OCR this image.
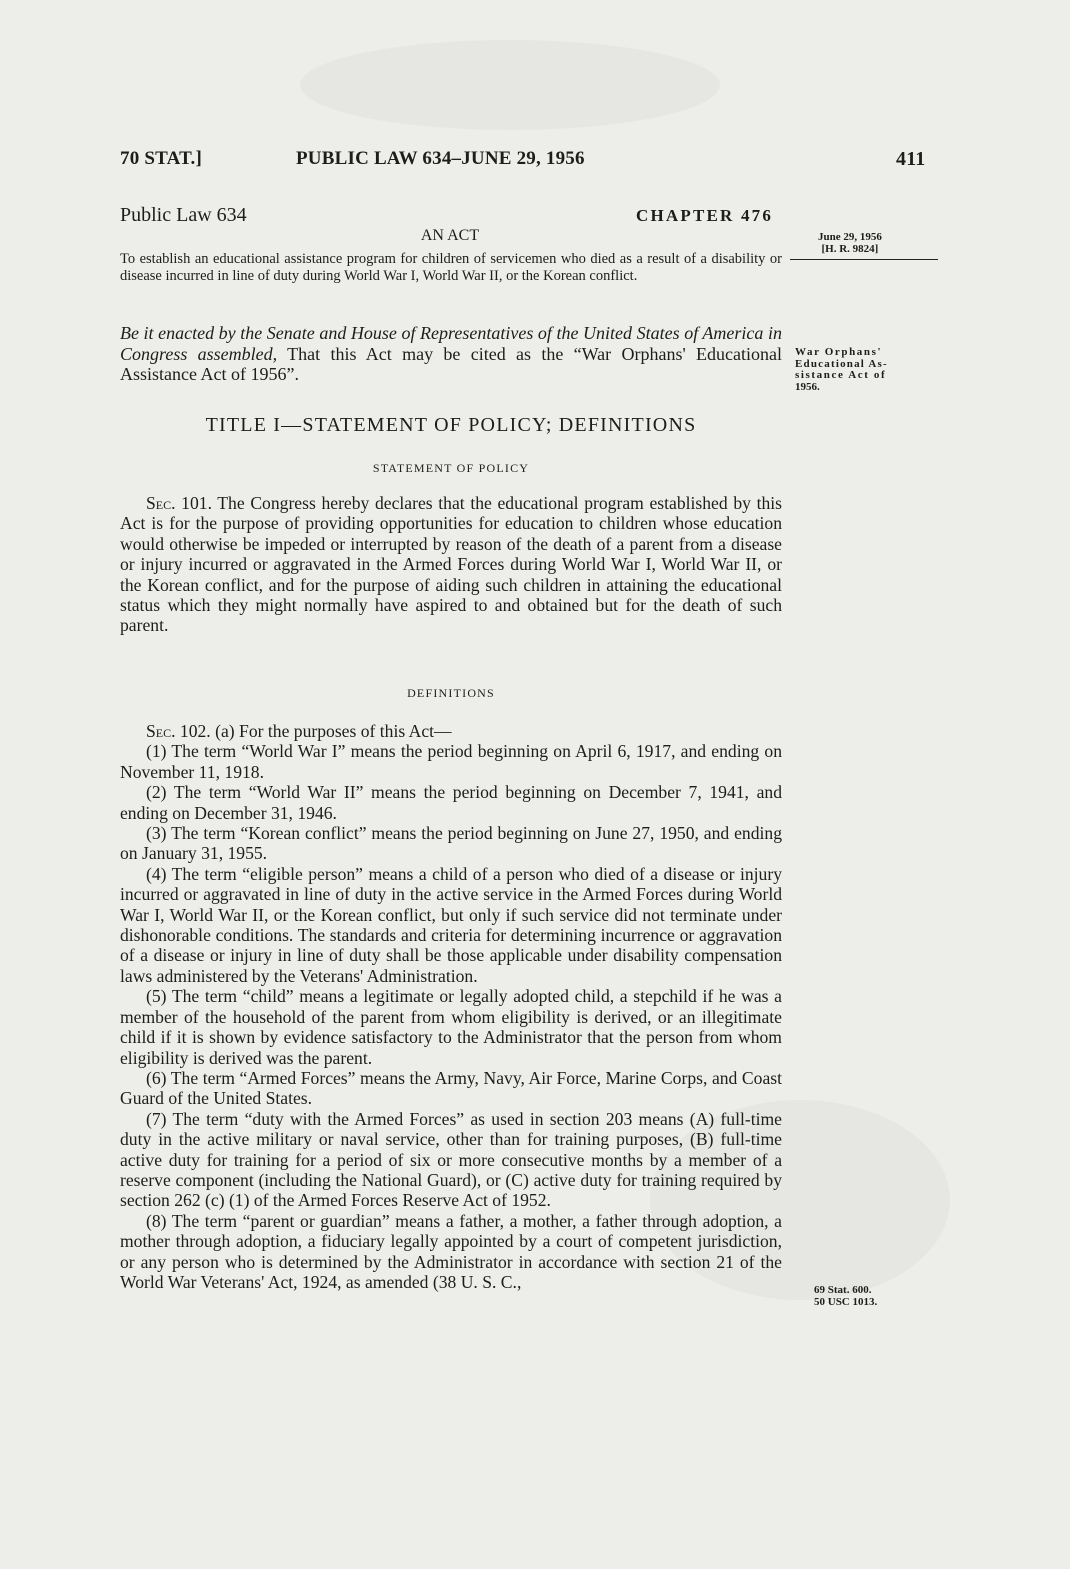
70 STAT.]	PUBLIC LAW 634–JUNE 29, 1956	411
Public Law 634	CHAPTER 476
AN ACT
To establish an educational assistance program for children of servicemen who died as a result of a disability or disease incurred in line of duty during World War I, World War II, or the Korean conflict.
June 29, 1956
[H. R. 9824]
Be it enacted by the Senate and House of Representatives of the United States of America in Congress assembled, That this Act may be cited as the “War Orphans' Educational Assistance Act of 1956”.
War Orphans'
Educational As-
sistance Act of
1956.
TITLE I—STATEMENT OF POLICY; DEFINITIONS
STATEMENT OF POLICY
Sec. 101. The Congress hereby declares that the educational program established by this Act is for the purpose of providing opportunities for education to children whose education would otherwise be impeded or interrupted by reason of the death of a parent from a disease or injury incurred or aggravated in the Armed Forces during World War I, World War II, or the Korean conflict, and for the purpose of aiding such children in attaining the educational status which they might normally have aspired to and obtained but for the death of such parent.
DEFINITIONS

Sec. 102. (a) For the purposes of this Act—

(1) The term “World War I” means the period beginning on April 6, 1917, and ending on November 11, 1918.

(2) The term “World War II” means the period beginning on December 7, 1941, and ending on December 31, 1946.

(3) The term “Korean conflict” means the period beginning on June 27, 1950, and ending on January 31, 1955.

(4) The term “eligible person” means a child of a person who died of a disease or injury incurred or aggravated in line of duty in the active service in the Armed Forces during World War I, World War II, or the Korean conflict, but only if such service did not terminate under dishonorable conditions. The standards and criteria for determining incurrence or aggravation of a disease or injury in line of duty shall be those applicable under disability compensation laws administered by the Veterans' Administration.

(5) The term “child” means a legitimate or legally adopted child, a stepchild if he was a member of the household of the parent from whom eligibility is derived, or an illegitimate child if it is shown by evidence satisfactory to the Administrator that the person from whom eligibility is derived was the parent.

(6) The term “Armed Forces” means the Army, Navy, Air Force, Marine Corps, and Coast Guard of the United States.

(7) The term “duty with the Armed Forces” as used in section 203 means (A) full-time duty in the active military or naval service, other than for training purposes, (B) full-time active duty for training for a period of six or more consecutive months by a member of a reserve component (including the National Guard), or (C) active duty for training required by section 262 (c) (1) of the Armed Forces Reserve Act of 1952.

(8) The term “parent or guardian” means a father, a mother, a father through adoption, a mother through adoption, a fiduciary legally appointed by a court of competent jurisdiction, or any person who is determined by the Administrator in accordance with section 21 of the World War Veterans' Act, 1924, as amended (38 U. S. C.,	69 Stat. 600.
50 USC 1013.
